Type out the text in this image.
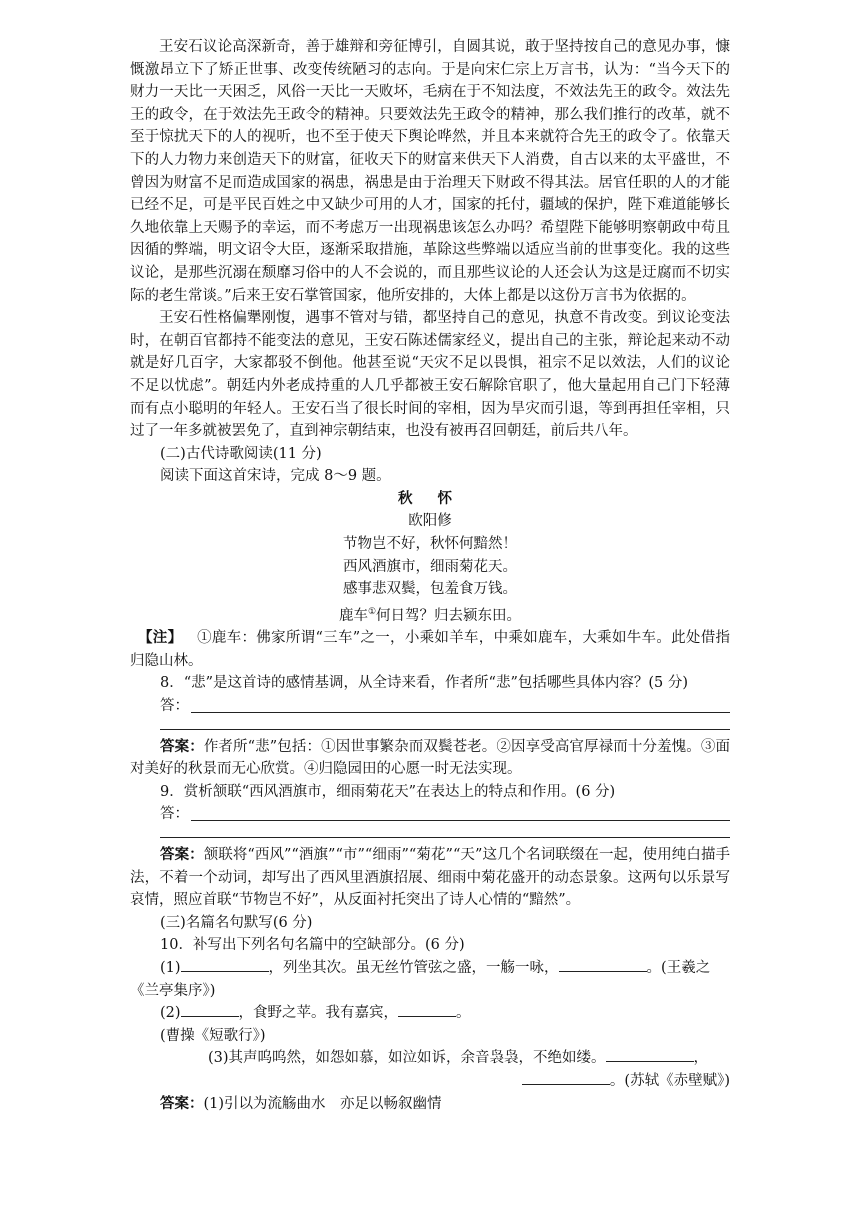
王安石议论高深新奇，善于雄辩和旁征博引，自圆其说，敢于坚持按自己的意见办事，慷慨激昂立下了矫正世事、改变传统陋习的志向。于是向宋仁宗上万言书，认为：“当今天下的财力一天比一天困乏，风俗一天比一天败坏，毛病在于不知法度，不效法先王的政令。效法先王的政令，在于效法先王政令的精神。只要效法先王政令的精神，那么我们推行的改革，就不至于惊扰天下的人的视听，也不至于使天下舆论哗然，并且本来就符合先王的政令了。依靠天下的人力物力来创造天下的财富，征收天下的财富来供天下人消费，自古以来的太平盛世，不曾因为财富不足而造成国家的祸患，祸患是由于治理天下财政不得其法。居官任职的人的才能已经不足，可是平民百姓之中又缺少可用的人才，国家的托付，疆域的保护，陛下难道能够长久地依靠上天赐予的幸运，而不考虑万一出现祸患该怎么办吗？希望陛下能够明察朝政中苟且因循的弊端，明文诏令大臣，逐渐采取措施，革除这些弊端以适应当前的世事变化。我的这些议论，是那些沉溺在颓靡习俗中的人不会说的，而且那些议论的人还会认为这是迂腐而不切实际的老生常谈。”后来王安石掌管国家，他所安排的，大体上都是以这份万言书为依据的。

王安石性格偏犟刚愎，遇事不管对与错，都坚持自己的意见，执意不肯改变。到议论变法时，在朝百官都持不能变法的意见，王安石陈述儒家经义，提出自己的主张，辩论起来动不动就是好几百字，大家都驳不倒他。他甚至说“天灾不足以畏惧，祖宗不足以效法，人们的议论不足以忧虑”。朝廷内外老成持重的人几乎都被王安石解除官职了，他大量起用自己门下轻薄而有点小聪明的年轻人。王安石当了很长时间的宰相，因为旱灾而引退，等到再担任宰相，只过了一年多就被罢免了，直到神宗朝结束，也没有被再召回朝廷，前后共八年。

(二)古代诗歌阅读(11 分)

阅读下面这首宋诗，完成 8～9 题。

秋 怀

欧阳修

节物岂不好，秋怀何黯然！

西风酒旗市，细雨菊花天。

感事悲双鬓，包羞食万钱。

鹿车①何日驾？归去颍东田。

【注】 ①鹿车：佛家所谓“三车”之一，小乘如羊车，中乘如鹿车，大乘如牛车。此处借指归隐山林。

8．“悲”是这首诗的感情基调，从全诗来看，作者所“悲”包括哪些具体内容？(5 分)

答：

答案：作者所“悲”包括：①因世事繁杂而双鬓苍老。②因享受高官厚禄而十分羞愧。③面对美好的秋景而无心欣赏。④归隐园田的心愿一时无法实现。

9．赏析颔联“西风酒旗市，细雨菊花天”在表达上的特点和作用。(6 分)

答：

答案：颔联将“西风”“酒旗”“市”“细雨”“菊花”“天”这几个名词联缀在一起，使用纯白描手法，不着一个动词，却写出了西风里酒旗招展、细雨中菊花盛开的动态景象。这两句以乐景写哀情，照应首联“节物岂不好”，从反面衬托突出了诗人心情的“黯然”。

(三)名篇名句默写(6 分)

10．补写出下列名句名篇中的空缺部分。(6 分)

(1)	，列坐其次。虽无丝竹管弦之盛，一觞一咏，	。(王羲之

《兰亭集序》)

(2)	，食野之苹。我有嘉宾，	。

(曹操《短歌行》)

(3)其声呜呜然，如怨如慕，如泣如诉，余音袅袅，不绝如缕。	，

。(苏轼《赤壁赋》)

答案：(1)引以为流觞曲水　亦足以畅叙幽情
